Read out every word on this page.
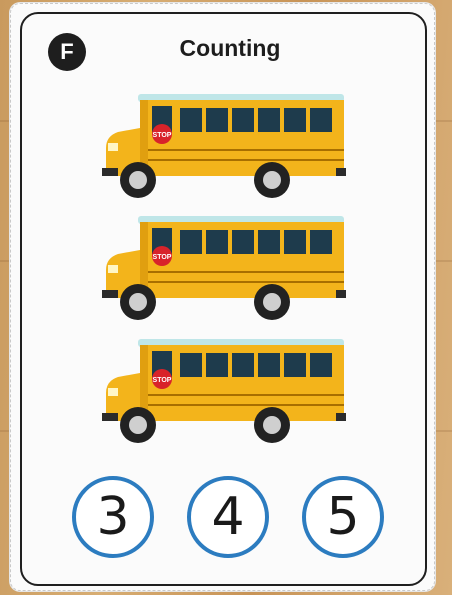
F	Counting
STOP
STOP
STOP
3	4	5
